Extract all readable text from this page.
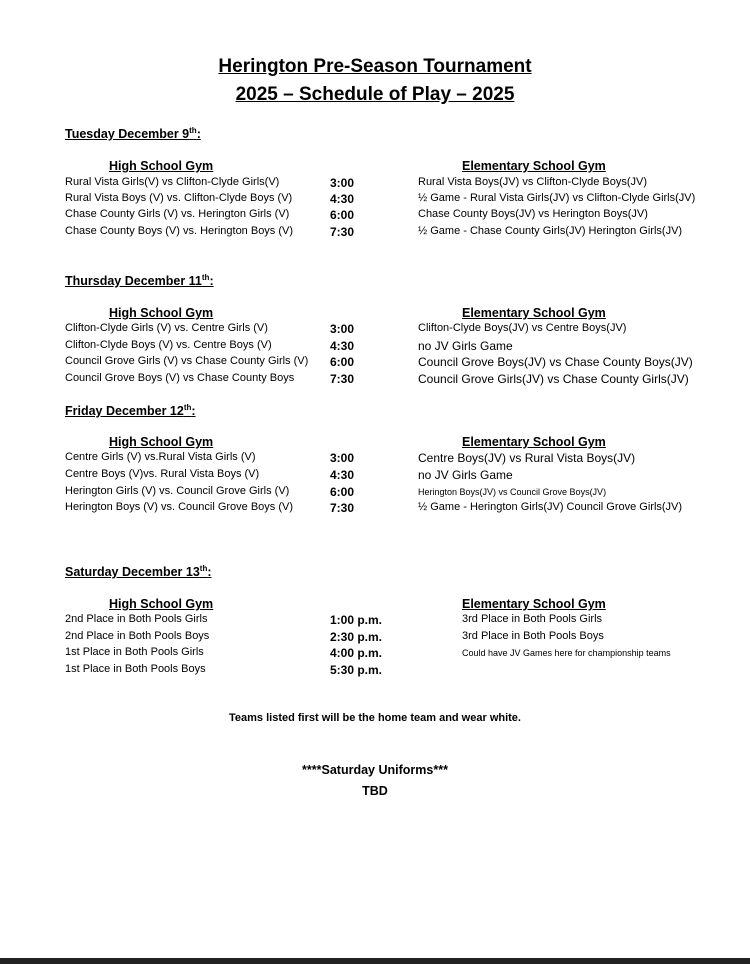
Herington Pre-Season Tournament
2025 – Schedule of Play – 2025
Tuesday December 9th:
High School Gym	Elementary School Gym
Rural Vista Girls(V) vs Clifton-Clyde Girls(V)	3:00	Rural Vista Boys(JV) vs Clifton-Clyde Boys(JV)
Rural Vista Boys (V) vs. Clifton-Clyde Boys (V)	4:30	½ Game - Rural Vista Girls(JV) vs Clifton-Clyde Girls(JV)
Chase County Girls (V) vs. Herington Girls (V)	6:00	Chase County Boys(JV) vs Herington Boys(JV)
Chase County Boys (V) vs. Herington Boys (V)	7:30	½ Game - Chase County Girls(JV) Herington Girls(JV)
Thursday December 11th:
High School Gym	Elementary School Gym
Clifton-Clyde Girls (V) vs. Centre Girls (V)	3:00	Clifton-Clyde Boys(JV) vs Centre Boys(JV)
Clifton-Clyde Boys (V) vs. Centre Boys (V)	4:30	no JV Girls Game
Council Grove Girls (V) vs Chase County Girls (V) 6:00	Council Grove Boys(JV) vs Chase County Boys(JV)
Council Grove Boys (V) vs Chase County Boys	7:30	Council Grove Girls(JV) vs Chase County Girls(JV)
Friday December 12th:
High School Gym	Elementary School Gym
Centre Girls (V) vs.Rural Vista Girls (V)	3:00	Centre Boys(JV) vs Rural Vista Boys(JV)
Centre Boys (V)vs. Rural Vista Boys (V)	4:30	no JV Girls Game
Herington Girls (V) vs. Council Grove Girls (V)	6:00	Herington Boys(JV) vs Council Grove Boys(JV)
Herington Boys (V) vs. Council Grove Boys (V)	7:30	½ Game - Herington Girls(JV) Council Grove Girls(JV)
Saturday December 13th:
High School Gym	Elementary School Gym
2nd Place in Both Pools Girls	1:00 p.m.	3rd Place in Both Pools Girls
2nd Place in Both Pools Boys	2:30 p.m.	3rd Place in Both Pools Boys
1st Place in Both Pools Girls	4:00 p.m.	Could have JV Games here for championship teams
1st Place in Both Pools Boys	5:30 p.m.
Teams listed first will be the home team and wear white.
****Saturday Uniforms***
TBD
